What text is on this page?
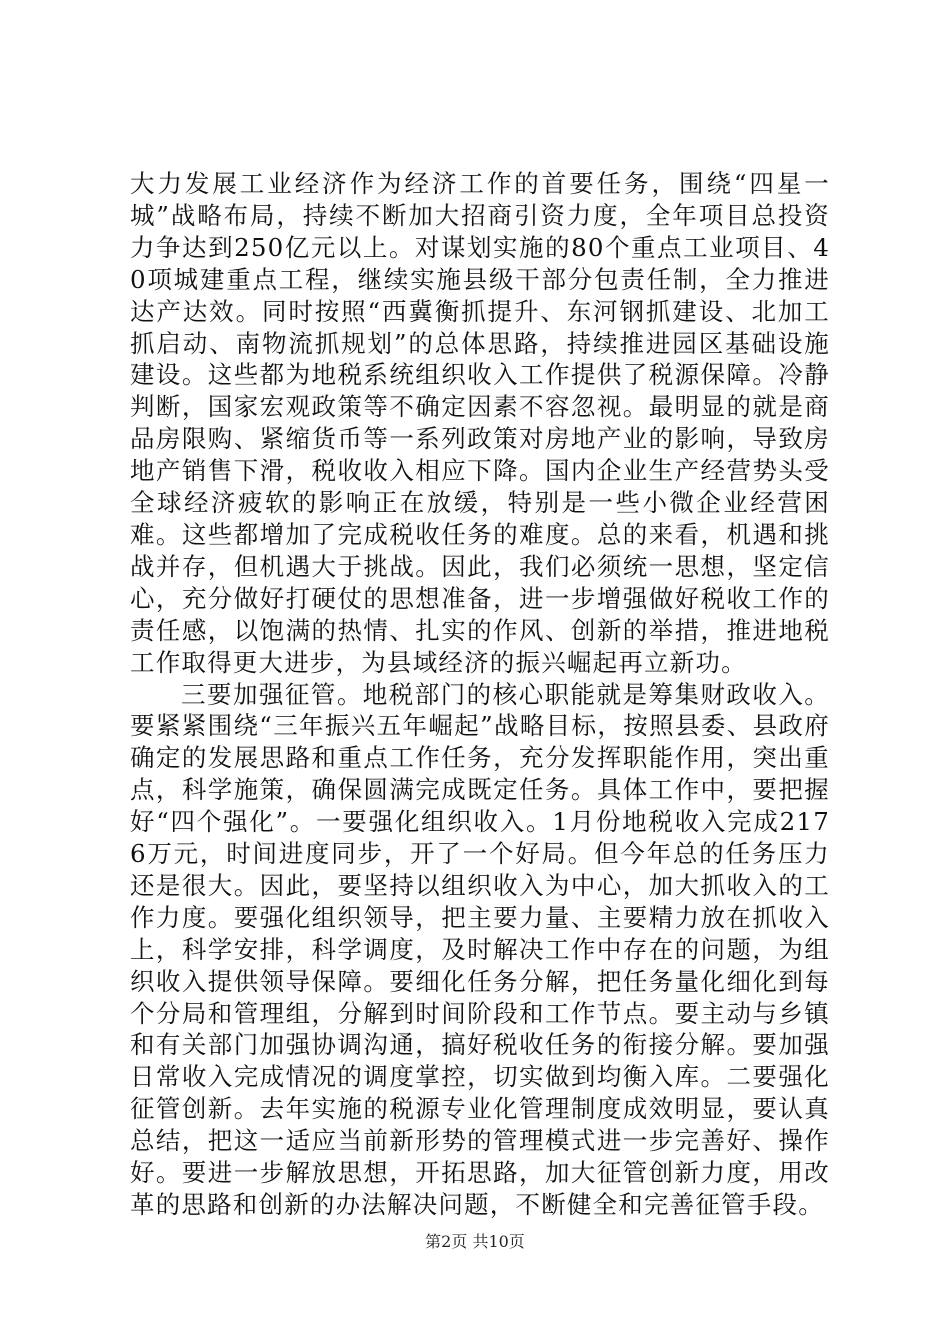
大力发展工业经济作为经济工作的首要任务，围绕“四星一城”战略布局，持续不断加大招商引资力度，全年项目总投资力争达到250亿元以上。对谋划实施的80个重点工业项目、40项城建重点工程，继续实施县级干部分包责任制，全力推进达产达效。同时按照“西冀衡抓提升、东河钢抓建设、北加工抓启动、南物流抓规划”的总体思路，持续推进园区基础设施建设。这些都为地税系统组织收入工作提供了税源保障。冷静判断，国家宏观政策等不确定因素不容忽视。最明显的就是商品房限购、紧缩货币等一系列政策对房地产业的影响，导致房地产销售下滑，税收收入相应下降。国内企业生产经营势头受全球经济疲软的影响正在放缓，特别是一些小微企业经营困难。这些都增加了完成税收任务的难度。总的来看，机遇和挑战并存，但机遇大于挑战。因此，我们必须统一思想，坚定信心，充分做好打硬仗的思想准备，进一步增强做好税收工作的责任感，以饱满的热情、扎实的作风、创新的举措，推进地税工作取得更大进步，为县域经济的振兴崛起再立新功。

三要加强征管。地税部门的核心职能就是筹集财政收入。要紧紧围绕“三年振兴五年崛起”战略目标，按照县委、县政府确定的发展思路和重点工作任务，充分发挥职能作用，突出重点，科学施策，确保圆满完成既定任务。具体工作中，要把握好“四个强化”。一要强化组织收入。1月份地税收入完成2176万元，时间进度同步，开了一个好局。但今年总的任务压力还是很大。因此，要坚持以组织收入为中心，加大抓收入的工作力度。要强化组织领导，把主要力量、主要精力放在抓收入上，科学安排，科学调度，及时解决工作中存在的问题，为组织收入提供领导保障。要细化任务分解，把任务量化细化到每个分局和管理组，分解到时间阶段和工作节点。要主动与乡镇和有关部门加强协调沟通，搞好税收任务的衔接分解。要加强日常收入完成情况的调度掌控，切实做到均衡入库。二要强化征管创新。去年实施的税源专业化管理制度成效明显，要认真总结，把这一适应当前新形势的管理模式进一步完善好、操作好。要进一步解放思想，开拓思路，加大征管创新力度，用改革的思路和创新的办法解决问题，不断健全和完善征管手段。

第2页 共10页
